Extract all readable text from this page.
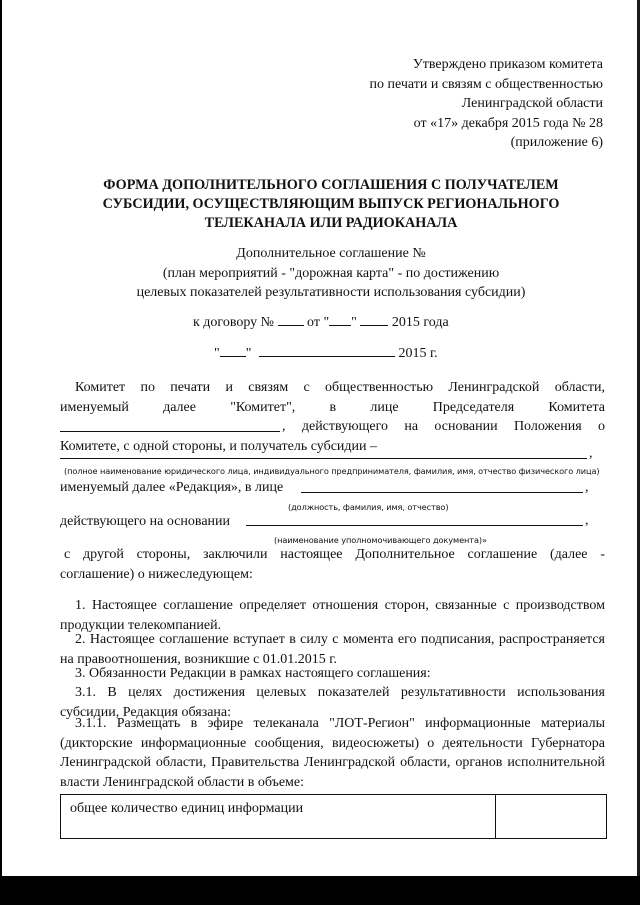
Утверждено приказом комитета
по печати и связям с общественностью
Ленинградской области
от «17» декабря 2015 года № 28
(приложение 6)
ФОРМА ДОПОЛНИТЕЛЬНОГО СОГЛАШЕНИЯ С ПОЛУЧАТЕЛЕМ
СУБСИДИИ, ОСУЩЕСТВЛЯЮЩИМ ВЫПУСК РЕГИОНАЛЬНОГО
ТЕЛЕКАНАЛА ИЛИ РАДИОКАНАЛА
Дополнительное соглашение №
(план мероприятий - "дорожная карта" - по достижению
целевых показателей результативности использования субсидии)
к договору № от " "	2015 года
" "	2015 г.
Комитет по печати и связям с общественностью Ленинградской области,
именуемый далее "Комитет", в лице Председателя Комитета
, действующего на основании Положения о
Комитете, с одной стороны, и получатель субсидии –	,
(полное наименование юридического лица, индивидуального предпринимателя, фамилия, имя, отчество физического лица)
именуемый далее «Редакция», в лице	,
(должность, фамилия, имя, отчество)
действующего на основании	,
(наименование уполномочивающего документа)»
с другой стороны, заключили настоящее Дополнительное соглашение (далее - соглашение) о нижеследующем:
1. Настоящее соглашение определяет отношения сторон, связанные с производством продукции телекомпанией.
2. Настоящее соглашение вступает в силу с момента его подписания, распространяется на правоотношения, возникшие с 01.01.2015 г.
3. Обязанности Редакции в рамках настоящего соглашения:
3.1. В целях достижения целевых показателей результативности использования субсидии, Редакция обязана:
3.1.1. Размещать в эфире телеканала "ЛОТ-Регион" информационные материалы (дикторские информационные сообщения, видеосюжеты) о деятельности Губернатора Ленинградской области, Правительства Ленинградской области, органов исполнительной власти Ленинградской области в объеме:
общее количество единиц информации
